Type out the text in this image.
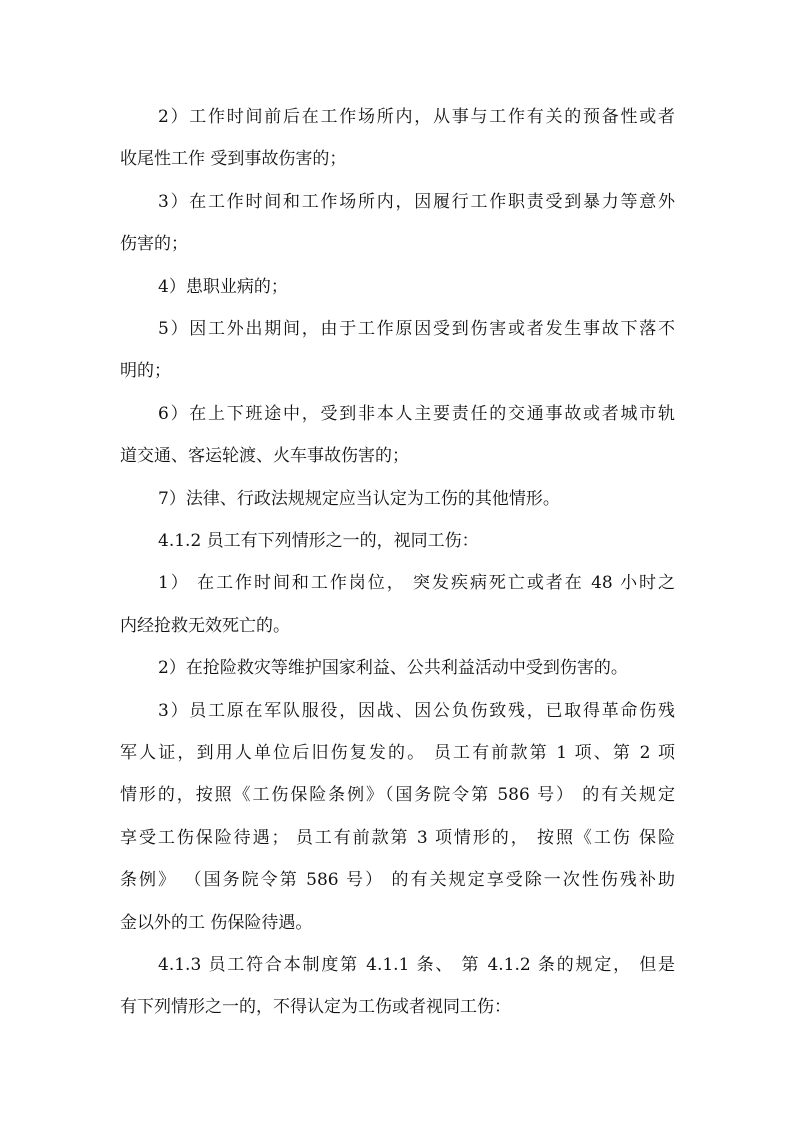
2）工作时间前后在工作场所内，从事与工作有关的预备性或者
收尾性工作 受到事故伤害的；
3）在工作时间和工作场所内，因履行工作职责受到暴力等意外
伤害的；
4）患职业病的；
5）因工外出期间，由于工作原因受到伤害或者发生事故下落不
明的；
6）在上下班途中，受到非本人主要责任的交通事故或者城市轨
道交通、客运轮渡、火车事故伤害的；
7）法律、行政法规规定应当认定为工伤的其他情形。
4.1.2 员工有下列情形之一的，视同工伤：
1） 在工作时间和工作岗位， 突发疾病死亡或者在 48 小时之
内经抢救无效死亡的。
2）在抢险救灾等维护国家利益、公共利益活动中受到伤害的。
3）员工原在军队服役，因战、因公负伤致残，已取得革命伤残
军人证，到用人单位后旧伤复发的。 员工有前款第 1 项、第 2 项
情形的，按照《工伤保险条例》（国务院令第 586 号） 的有关规定
享受工伤保险待遇； 员工有前款第 3 项情形的， 按照《工伤 保险
条例》 （国务院令第 586 号） 的有关规定享受除一次性伤残补助
金以外的工 伤保险待遇。
4.1.3 员工符合本制度第 4.1.1 条、 第 4.1.2 条的规定， 但是
有下列情形之一的，不得认定为工伤或者视同工伤：
